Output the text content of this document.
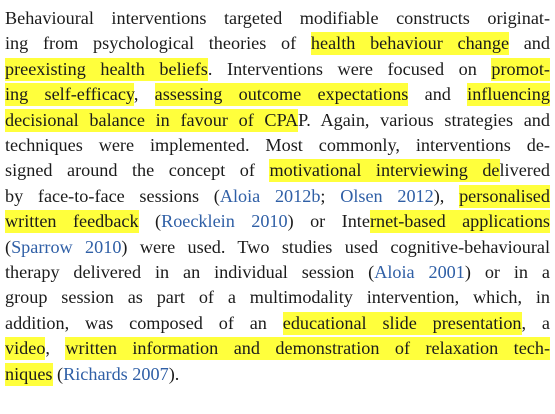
Behavioural interventions targeted modifiable constructs originat-
ing from psychological theories of health behaviour change and
preexisting health beliefs. Interventions were focused on promot-
ing self-efficacy, assessing outcome expectations and influencing
decisional balance in favour of CPAP. Again, various strategies and
techniques were implemented. Most commonly, interventions de-
signed around the concept of motivational interviewing delivered
by face-to-face sessions (Aloia 2012b; Olsen 2012), personalised
written feedback (Roecklein 2010) or Internet-based applications
(Sparrow 2010) were used. Two studies used cognitive-behavioural
therapy delivered in an individual session (Aloia 2001) or in a
group session as part of a multimodality intervention, which, in
addition, was composed of an educational slide presentation, a
video, written information and demonstration of relaxation tech-
niques (Richards 2007).
